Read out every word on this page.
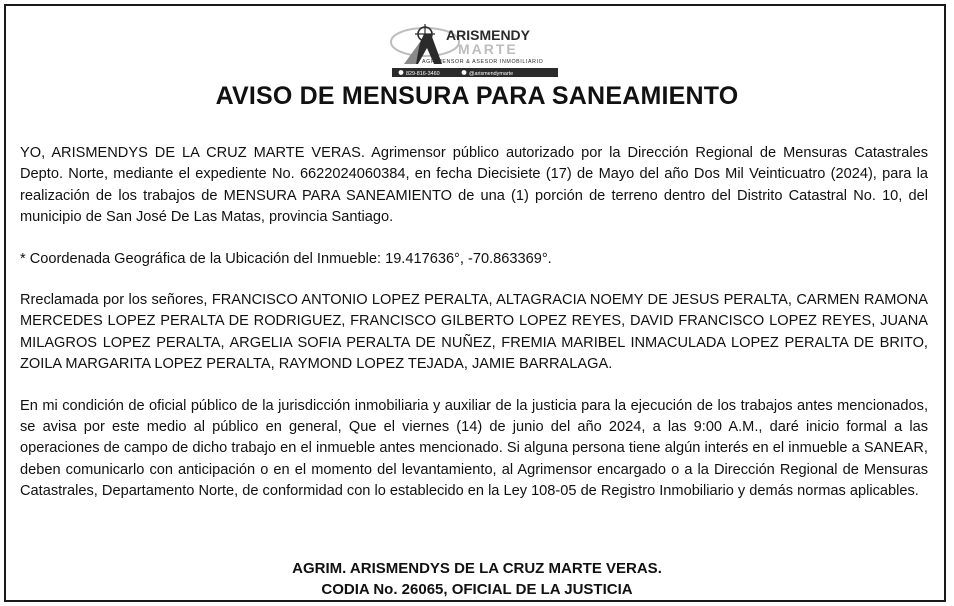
ARISMENDY
MARTE
AGRIMENSOR & ASESOR INMOBILIARIO
829-816-3460	@arismendymarte
AVISO DE MENSURA PARA SANEAMIENTO

YO, ARISMENDYS DE LA CRUZ MARTE VERAS. Agrimensor público autorizado por la Dirección Regional de Mensuras Catastrales Depto. Norte, mediante el expediente No. 6622024060384, en fecha Diecisiete (17) de Mayo del año Dos Mil Veinticuatro (2024), para la realización de los trabajos de MENSURA PARA SANEAMIENTO de una (1) porción de terreno dentro del Distrito Catastral No. 10, del municipio de San José De Las Matas, provincia Santiago.

* Coordenada Geográfica de la Ubicación del Inmueble: 19.417636°, -70.863369°.

Rreclamada por los señores, FRANCISCO ANTONIO LOPEZ PERALTA, ALTAGRACIA NOEMY DE JESUS PERALTA, CARMEN RAMONA MERCEDES LOPEZ PERALTA DE RODRIGUEZ, FRANCISCO GILBERTO LOPEZ REYES, DAVID FRANCISCO LOPEZ REYES, JUANA MILAGROS LOPEZ PERALTA, ARGELIA SOFIA PERALTA DE NUÑEZ, FREMIA MARIBEL INMACULADA LOPEZ PERALTA DE BRITO, ZOILA MARGARITA LOPEZ PERALTA, RAYMOND LOPEZ TEJADA, JAMIE BARRALAGA.

En mi condición de oficial público de la jurisdicción inmobiliaria y auxiliar de la justicia para la ejecución de los trabajos antes mencionados, se avisa por este medio al público en general, Que el viernes (14) de junio del año 2024, a las 9:00 A.M., daré inicio formal a las operaciones de campo de dicho trabajo en el inmueble antes mencionado. Si alguna persona tiene algún interés en el inmueble a SANEAR, deben comunicarlo con anticipación o en el momento del levantamiento, al Agrimensor encargado o a la Dirección Regional de Mensuras Catastrales, Departamento Norte, de conformidad con lo establecido en la Ley 108-05 de Registro Inmobiliario y demás normas aplicables.

AGRIM. ARISMENDYS DE LA CRUZ MARTE VERAS.
CODIA No. 26065, OFICIAL DE LA JUSTICIA
